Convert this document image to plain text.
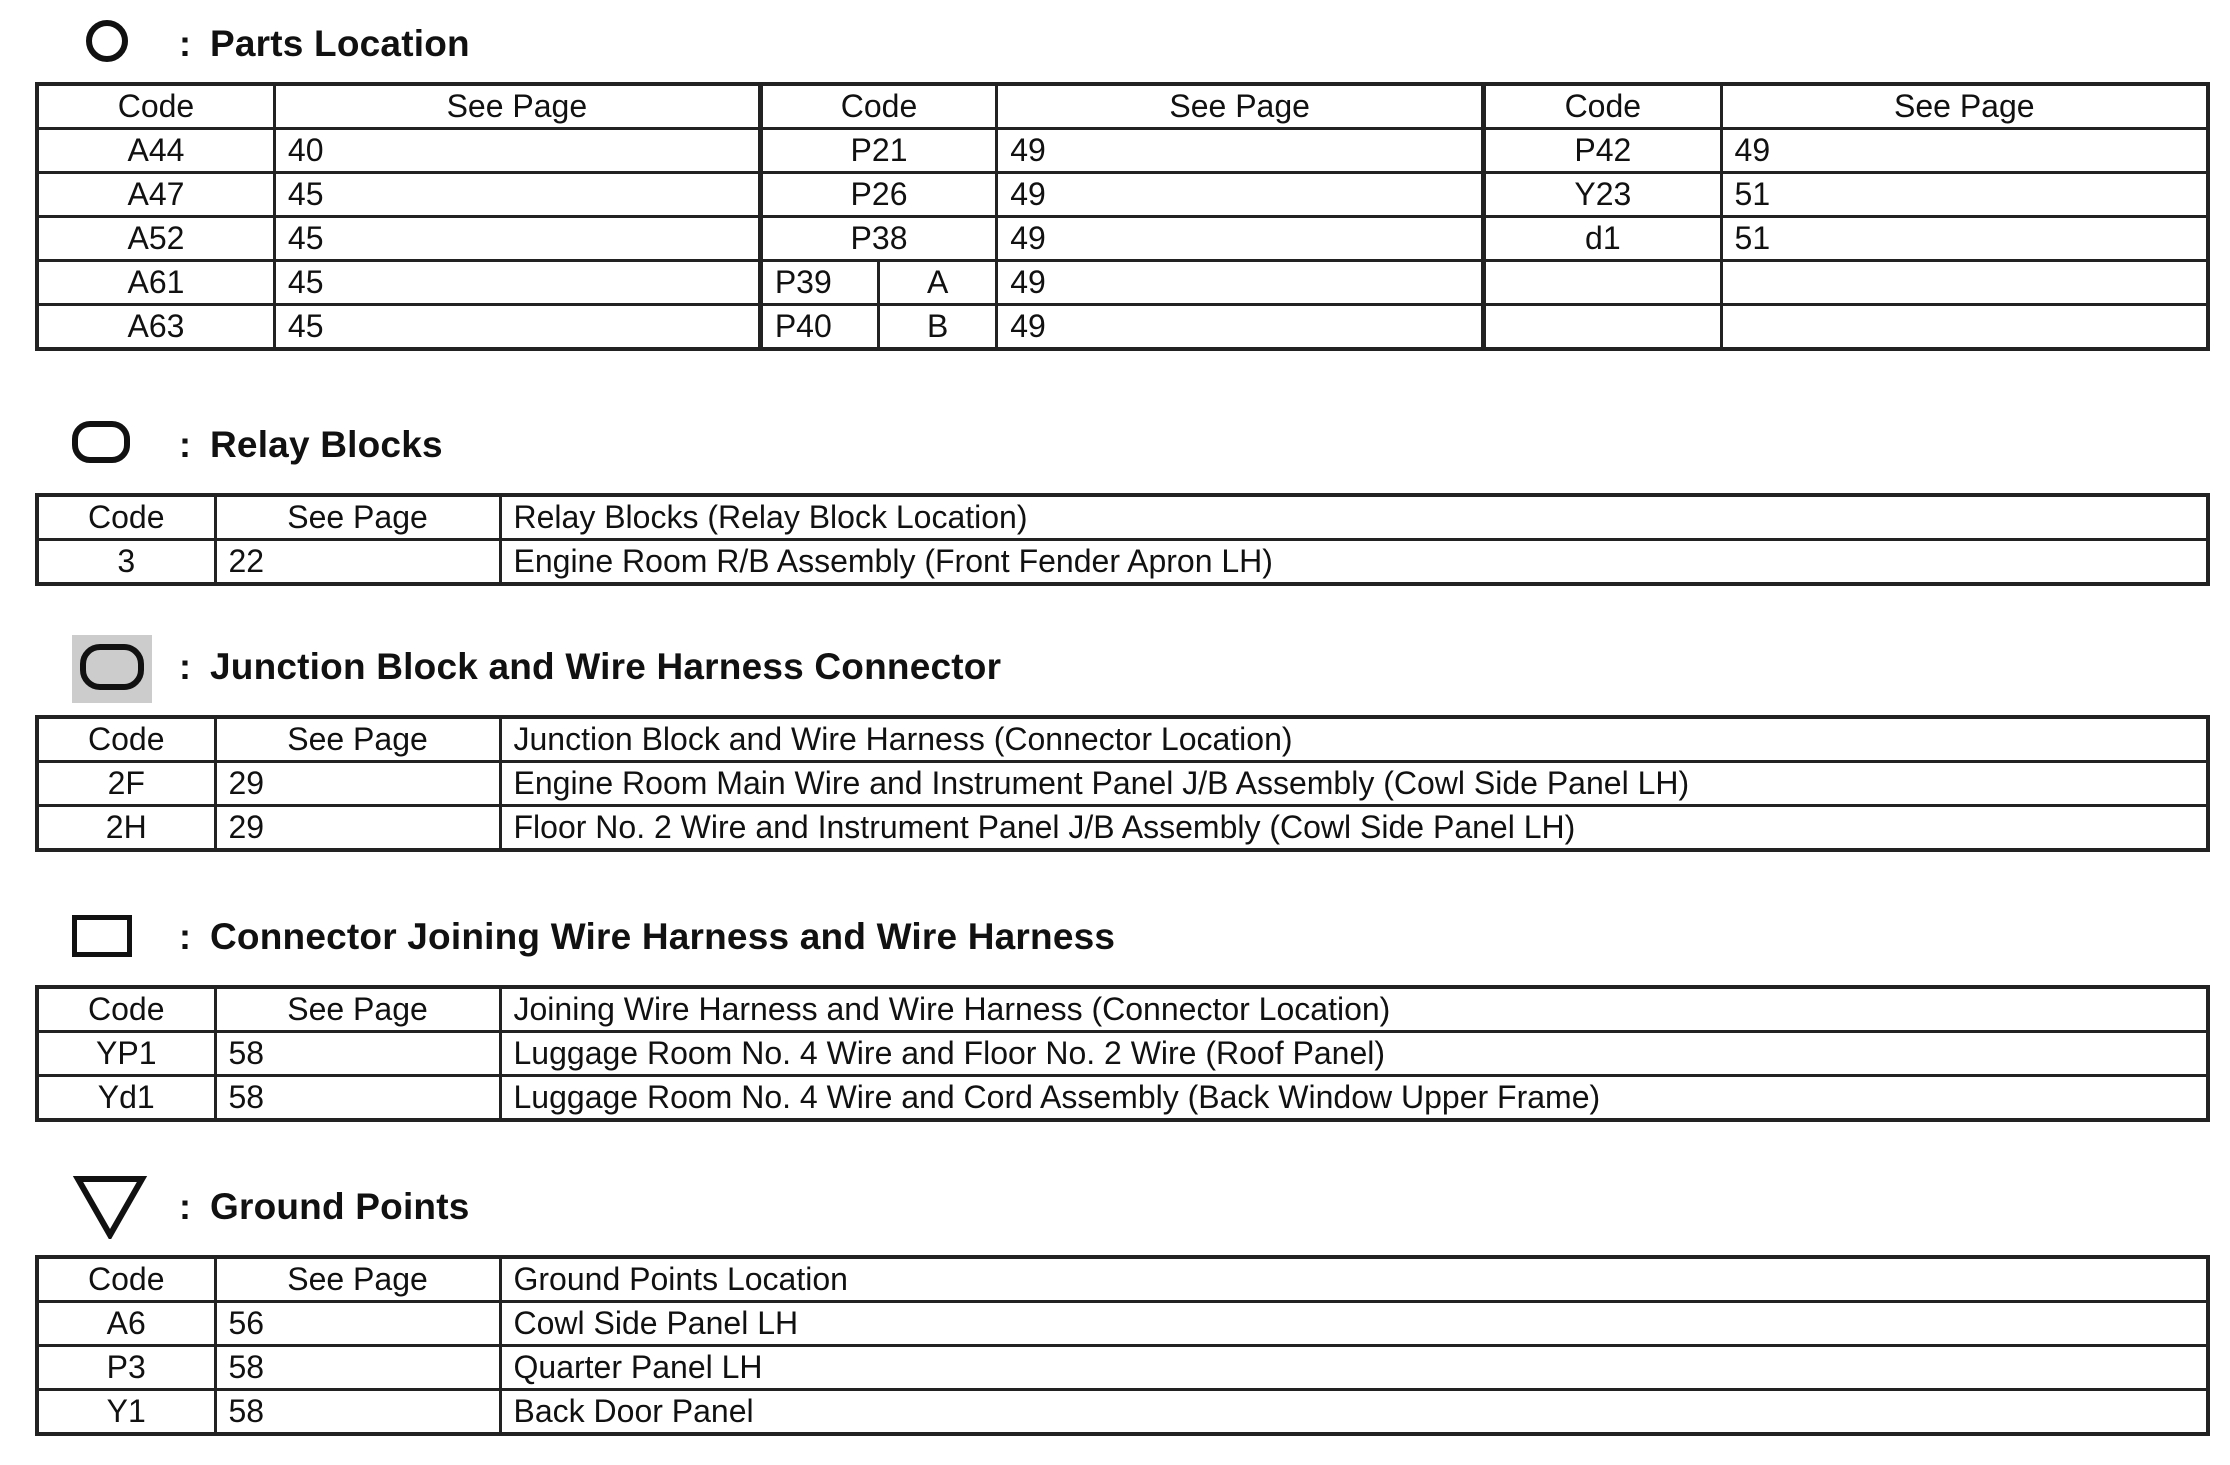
: Parts Location
Code	See Page	Code		See Page	Code	See Page
A44	40	P21		49	P42	49
A47	45	P26		49	Y23	51
A52	45	P38		49	d1	51
A61	45	P39	A	49		
A63	45	P40	B	49		
: Relay Blocks
Code	See Page	Relay Blocks (Relay Block Location)
3	22	Engine Room R/B Assembly (Front Fender Apron LH)
: Junction Block and Wire Harness Connector
Code	See Page	Junction Block and Wire Harness (Connector Location)
2F	29	Engine Room Main Wire and Instrument Panel J/B Assembly (Cowl Side Panel LH)
2H	29	Floor No. 2 Wire and Instrument Panel J/B Assembly (Cowl Side Panel LH)
: Connector Joining Wire Harness and Wire Harness
Code	See Page	Joining Wire Harness and Wire Harness (Connector Location)
YP1	58	Luggage Room No. 4 Wire and Floor No. 2 Wire (Roof Panel)
Yd1	58	Luggage Room No. 4 Wire and Cord Assembly (Back Window Upper Frame)
: Ground Points
Code	See Page	Ground Points Location
A6	56	Cowl Side Panel LH
P3	58	Quarter Panel LH
Y1	58	Back Door Panel
